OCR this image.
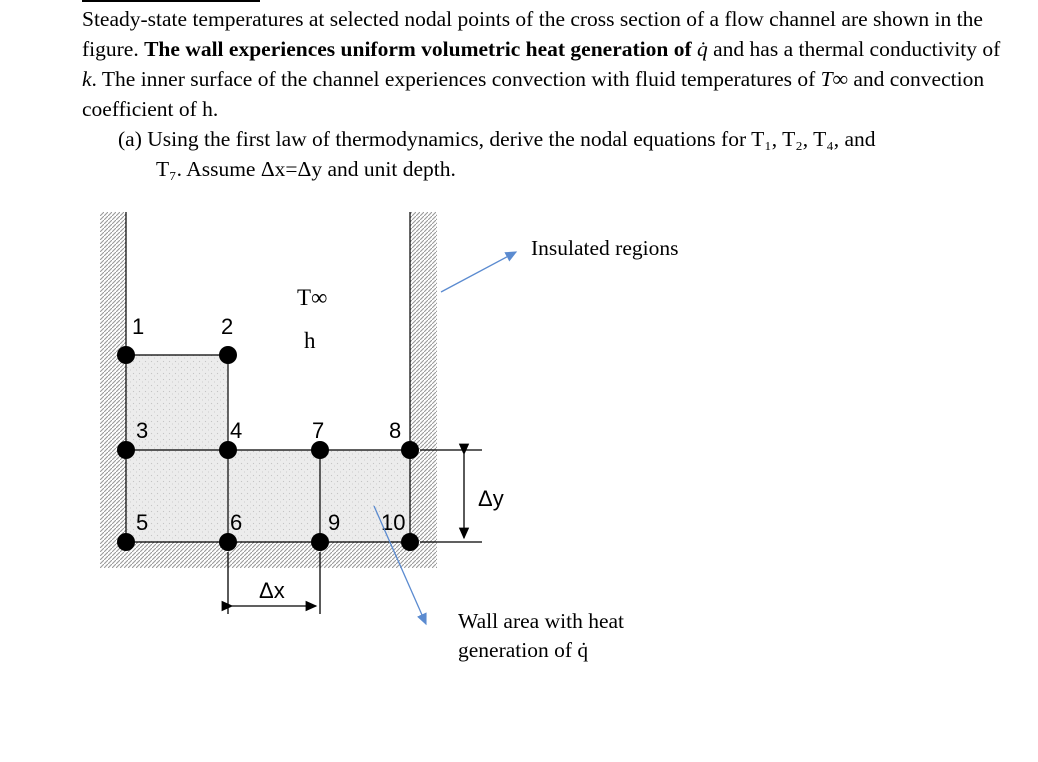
Steady-state temperatures at selected nodal points of the cross section of a flow channel are shown in the figure. The wall experiences uniform volumetric heat generation of q̇ and has a thermal conductivity of k. The inner surface of the channel experiences convection with fluid temperatures of T∞ and convection coefficient of h.

(a) Using the first law of thermodynamics, derive the nodal equations for T₁, T₂, T₄, and
T₇. Assume Δx=Δy and unit depth.
1	2
3	4
5	6
7	8
9 10
T∞
h
Δy
Δx
Insulated regions
Wall area with heat
generation of q̇
